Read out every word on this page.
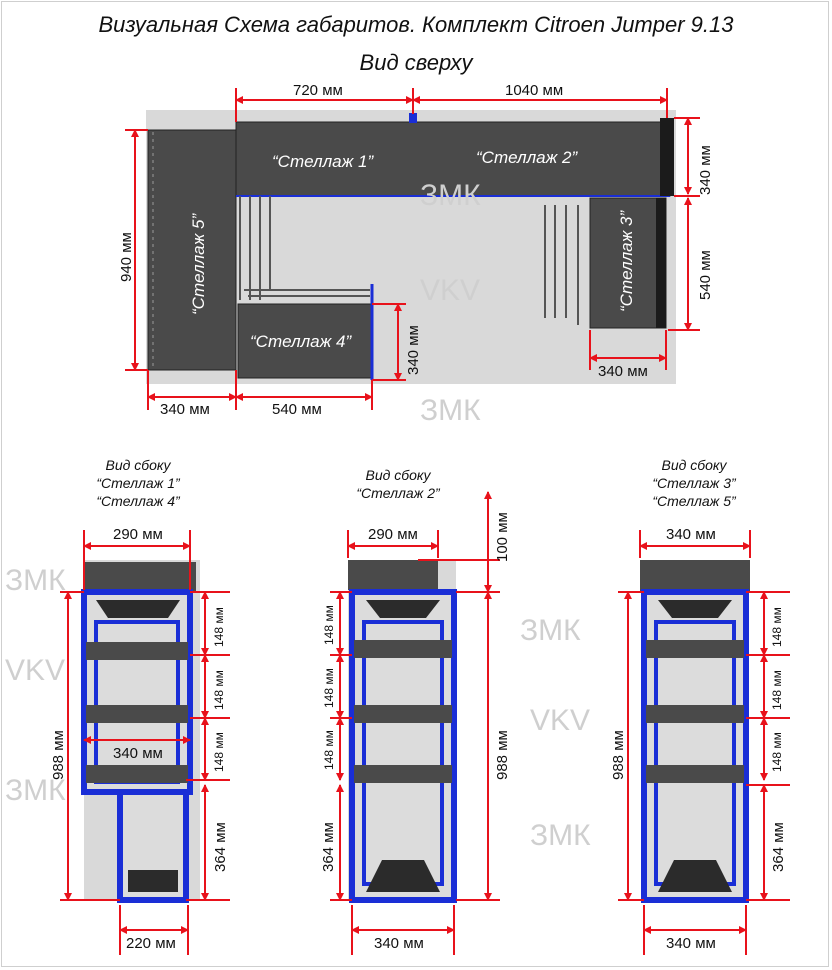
Визуальная Схема габаритов. Комплект Citroen Jumper 9.13
Вид сверху
ЗМК
VKV
ЗМК
ЗМК
VKV
ЗМК
ЗМК
VKV
ЗМК
“Стеллаж 1”	“Стеллаж 2”
“Стеллаж 4”
“Стеллаж 5”	“Стеллаж 3”
720 мм	1040 мм
940 мм
340 мм
540 мм
340 мм	340 мм
340 мм	540 мм
290 мм
988 мм
148 мм
148 мм
148 мм
364 мм
340 мм
220 мм
290 мм	100 мм
988 мм
148 мм
148 мм
148 мм
364 мм
340 мм
340 мм
988 мм
148 мм
148 мм
148 мм
364 мм
340 мм
Вид сбоку
“Стеллаж 1”
“Стеллаж 4”
Вид сбоку
“Стеллаж 2”
Вид сбоку
“Стеллаж 3”
“Стеллаж 5”
